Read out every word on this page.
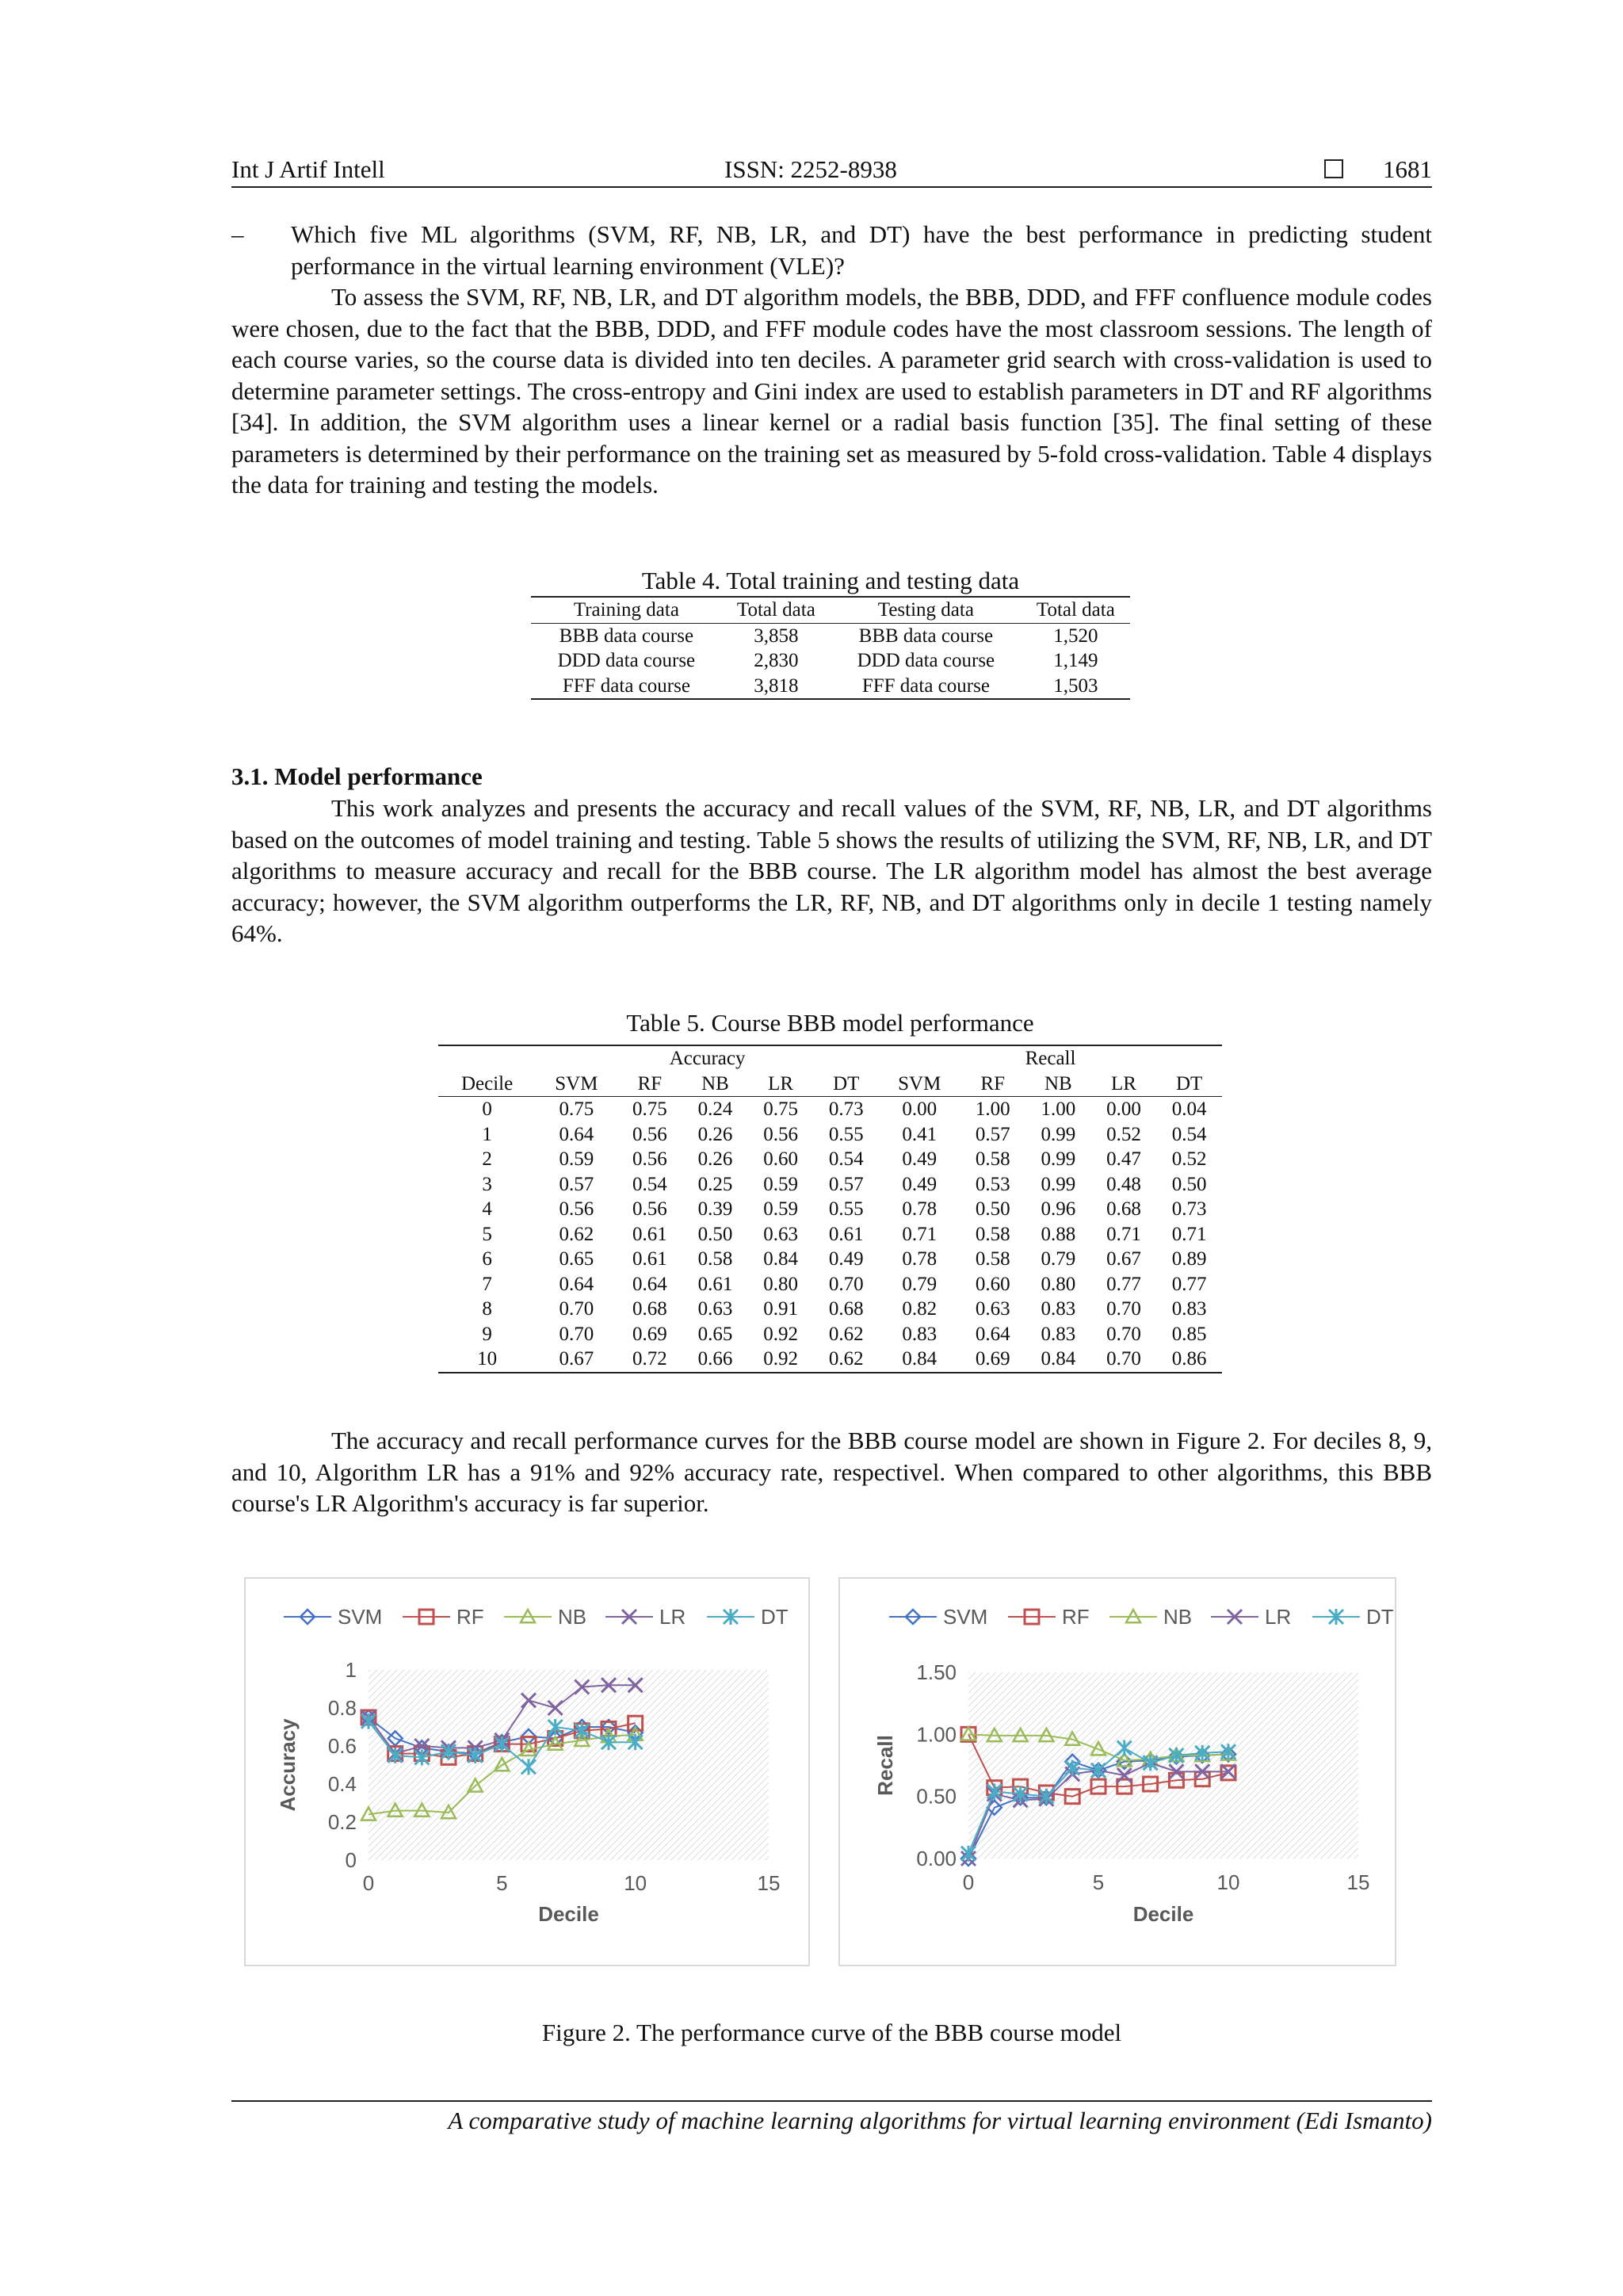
Int J Artif Intell	ISSN: 2252-8938	1681
– Which five ML algorithms (SVM, RF, NB, LR, and DT) have the best performance in predicting student performance in the virtual learning environment (VLE)?
To assess the SVM, RF, NB, LR, and DT algorithm models, the BBB, DDD, and FFF confluence module codes were chosen, due to the fact that the BBB, DDD, and FFF module codes have the most classroom sessions. The length of each course varies, so the course data is divided into ten deciles. A parameter grid search with cross-validation is used to determine parameter settings. The cross-entropy and Gini index are used to establish parameters in DT and RF algorithms [34]. In addition, the SVM algorithm uses a linear kernel or a radial basis function [35]. The final setting of these parameters is determined by their performance on the training set as measured by 5-fold cross-validation. Table 4 displays the data for training and testing the models.
Table 4. Total training and testing data
Training data	Total data	Testing data	Total data
BBB data course	3,858	BBB data course	1,520
DDD data course	2,830	DDD data course	1,149
FFF data course	3,818	FFF data course	1,503
3.1. Model performance
This work analyzes and presents the accuracy and recall values of the SVM, RF, NB, LR, and DT algorithms based on the outcomes of model training and testing. Table 5 shows the results of utilizing the SVM, RF, NB, LR, and DT algorithms to measure accuracy and recall for the BBB course. The LR algorithm model has almost the best average accuracy; however, the SVM algorithm outperforms the LR, RF, NB, and DT algorithms only in decile 1 testing namely 64%.
Table 5. Course BBB model performance
	Accuracy					Recall				
Decile	SVM	RF	NB	LR	DT	SVM	RF	NB	LR	DT
0	0.75	0.75	0.24	0.75	0.73	0.00	1.00	1.00	0.00	0.04
1	0.64	0.56	0.26	0.56	0.55	0.41	0.57	0.99	0.52	0.54
2	0.59	0.56	0.26	0.60	0.54	0.49	0.58	0.99	0.47	0.52
3	0.57	0.54	0.25	0.59	0.57	0.49	0.53	0.99	0.48	0.50
4	0.56	0.56	0.39	0.59	0.55	0.78	0.50	0.96	0.68	0.73
5	0.62	0.61	0.50	0.63	0.61	0.71	0.58	0.88	0.71	0.71
6	0.65	0.61	0.58	0.84	0.49	0.78	0.58	0.79	0.67	0.89
7	0.64	0.64	0.61	0.80	0.70	0.79	0.60	0.80	0.77	0.77
8	0.70	0.68	0.63	0.91	0.68	0.82	0.63	0.83	0.70	0.83
9	0.70	0.69	0.65	0.92	0.62	0.83	0.64	0.83	0.70	0.85
10	0.67	0.72	0.66	0.92	0.62	0.84	0.69	0.84	0.70	0.86
The accuracy and recall performance curves for the BBB course model are shown in Figure 2. For deciles 8, 9, and 10, Algorithm LR has a 91% and 92% accuracy rate, respectivel. When compared to other algorithms, this BBB course's LR Algorithm's accuracy is far superior.
0
0.2
0.4
0.6
0.8
1
0	5	10	15
Decile
Accuracy
SVM	RF	NB	LR	DT
0.00
0.50
1.00
1.50
0	5	10	15
Decile
Recall
SVM	RF	NB	LR	DT
Figure 2. The performance curve of the BBB course model
A comparative study of machine learning algorithms for virtual learning environment (Edi Ismanto)
